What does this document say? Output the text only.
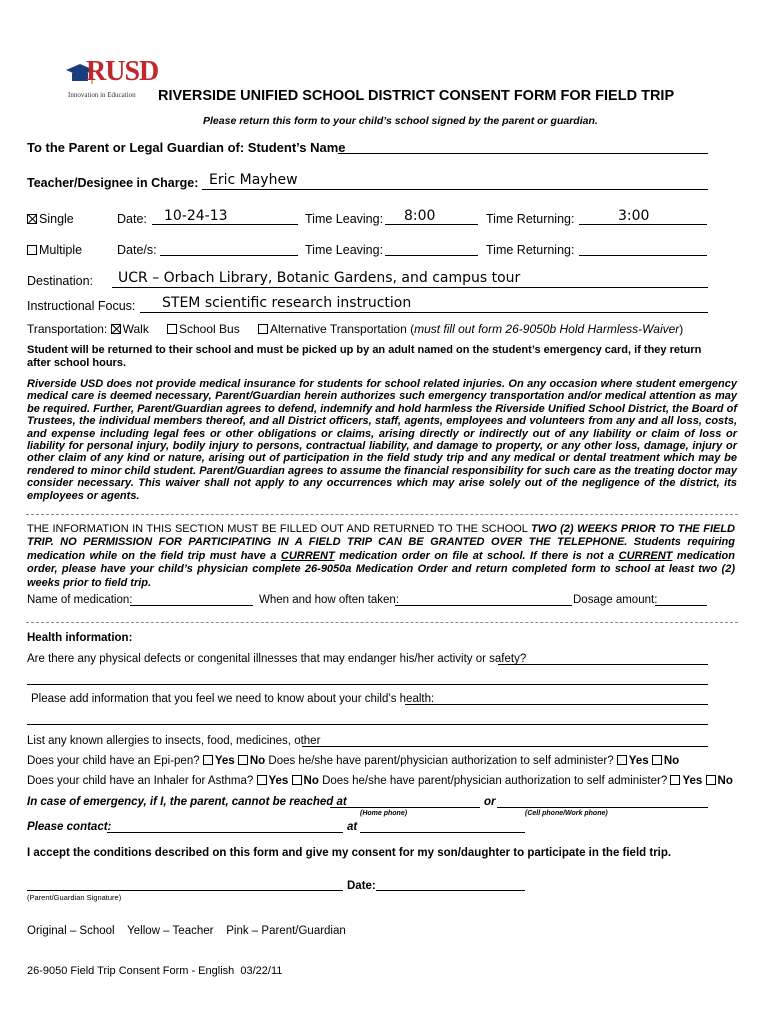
RUSD
Innovation in Education RIVERSIDE UNIFIED SCHOOL DISTRICT CONSENT FORM FOR FIELD TRIP
Please return this form to your child’s school signed by the parent or guardian.
To the Parent or Legal Guardian of: Student’s Name
Teacher/Designee in Charge: Eric Mayhew
Single	Date: 10-24-13	Time Leaving: 8:00	Time Returning:	3:00
Multiple	Date/s:	Time Leaving:	Time Returning:
Destination: UCR – Orbach Library, Botanic Gardens, and campus tour
Instructional Focus: STEM scientific research instruction
Transportation: Walk	School Bus	Alternative Transportation (must fill out form 26-9050b Hold Harmless-Waiver)
Student will be returned to their school and must be picked up by an adult named on the student’s emergency card, if they return after school hours.
Riverside USD does not provide medical insurance for students for school related injuries. On any occasion where student emergency medical care is deemed necessary, Parent/Guardian herein authorizes such emergency transportation and/or medical attention as may be required. Further, Parent/Guardian agrees to defend, indemnify and hold harmless the Riverside Unified School District, the Board of Trustees, the individual members thereof, and all District officers, staff, agents, employees and volunteers from any and all loss, costs, and expense including legal fees or other obligations or claims, arising directly or indirectly out of any liability or claim of loss or liability for personal injury, bodily injury to persons, contractual liability, and damage to property, or any other loss, damage, injury or other claim of any kind or nature, arising out of participation in the field study trip and any medical or dental treatment which may be rendered to minor child student. Parent/Guardian agrees to assume the financial responsibility for such care as the treating doctor may consider necessary. This waiver shall not apply to any occurrences which may arise solely out of the negligence of the district, its employees or agents.
THE INFORMATION IN THIS SECTION MUST BE FILLED OUT AND RETURNED TO THE SCHOOL TWO (2) WEEKS PRIOR TO THE FIELD TRIP. NO PERMISSION FOR PARTICIPATING IN A FIELD TRIP CAN BE GRANTED OVER THE TELEPHONE. Students requiring medication while on the field trip must have a CURRENT medication order on file at school. If there is not a CURRENT medication order, please have your child’s physician complete 26-9050a Medication Order and return completed form to school at least two (2) weeks prior to field trip.
Name of medication:	When and how often taken:	Dosage amount:
Health information:
Are there any physical defects or congenital illnesses that may endanger his/her activity or safety?
Please add information that you feel we need to know about your child’s health:
List any known allergies to insects, food, medicines, other
Does your child have an Epi-pen? Yes No Does he/she have parent/physician authorization to self administer? Yes No
Does your child have an Inhaler for Asthma? Yes No Does he/she have parent/physician authorization to self administer? Yes No
In case of emergency, if I, the parent, cannot be reached at	or
(Home phone)	(Cell phone/Work phone)
Please contact:	at
I accept the conditions described on this form and give my consent for my son/daughter to participate in the field trip.
Date:
(Parent/Guardian Signature)
Original – School    Yellow – Teacher    Pink – Parent/Guardian
26-9050 Field Trip Consent Form - English  03/22/11
